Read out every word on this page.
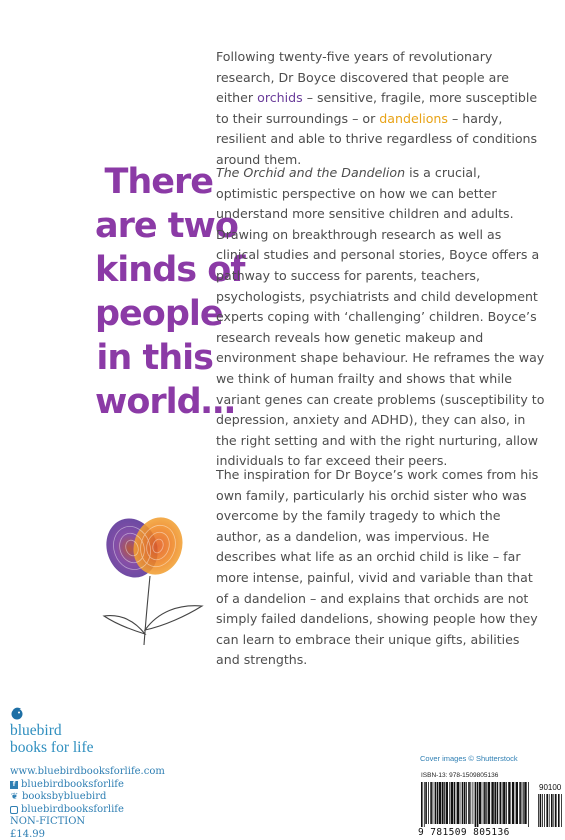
Following twenty-five years of revolutionary research, Dr Boyce discovered that people are either orchids – sensitive, fragile, more susceptible to their surroundings – or dandelions – hardy, resilient and able to thrive regardless of conditions around them.

There
are two
kinds of
people
in this
world…

The Orchid and the Dandelion is a crucial, optimistic perspective on how we can better understand more sensitive children and adults. Drawing on breakthrough research as well as clinical studies and personal stories, Boyce offers a pathway to success for parents, teachers, psychologists, psychiatrists and child development experts coping with ‘challenging’ children. Boyce’s research reveals how genetic makeup and environment shape behaviour. He reframes the way we think of human frailty and shows that while variant genes can create problems (susceptibility to depression, anxiety and ADHD), they can also, in the right setting and with the right nurturing, allow individuals to far exceed their peers.

The inspiration for Dr Boyce’s work comes from his own family, particularly his orchid sister who was overcome by the family tragedy to which the author, as a dandelion, was impervious. He describes what life as an orchid child is like – far more intense, painful, vivid and variable than that of a dandelion – and explains that orchids are not simply failed dandelions, showing people how they can learn to embrace their unique gifts, abilities and strengths.

bluebird
books for life

www.bluebirdbooksforlife.com
f bluebirdbooksforlife
❦ booksbybluebird
bluebirdbooksforlife
NON-FICTION
£14.99

Cover images © Shutterstock

ISBN-13: 978-1509805136

90100

9 781509 805136
